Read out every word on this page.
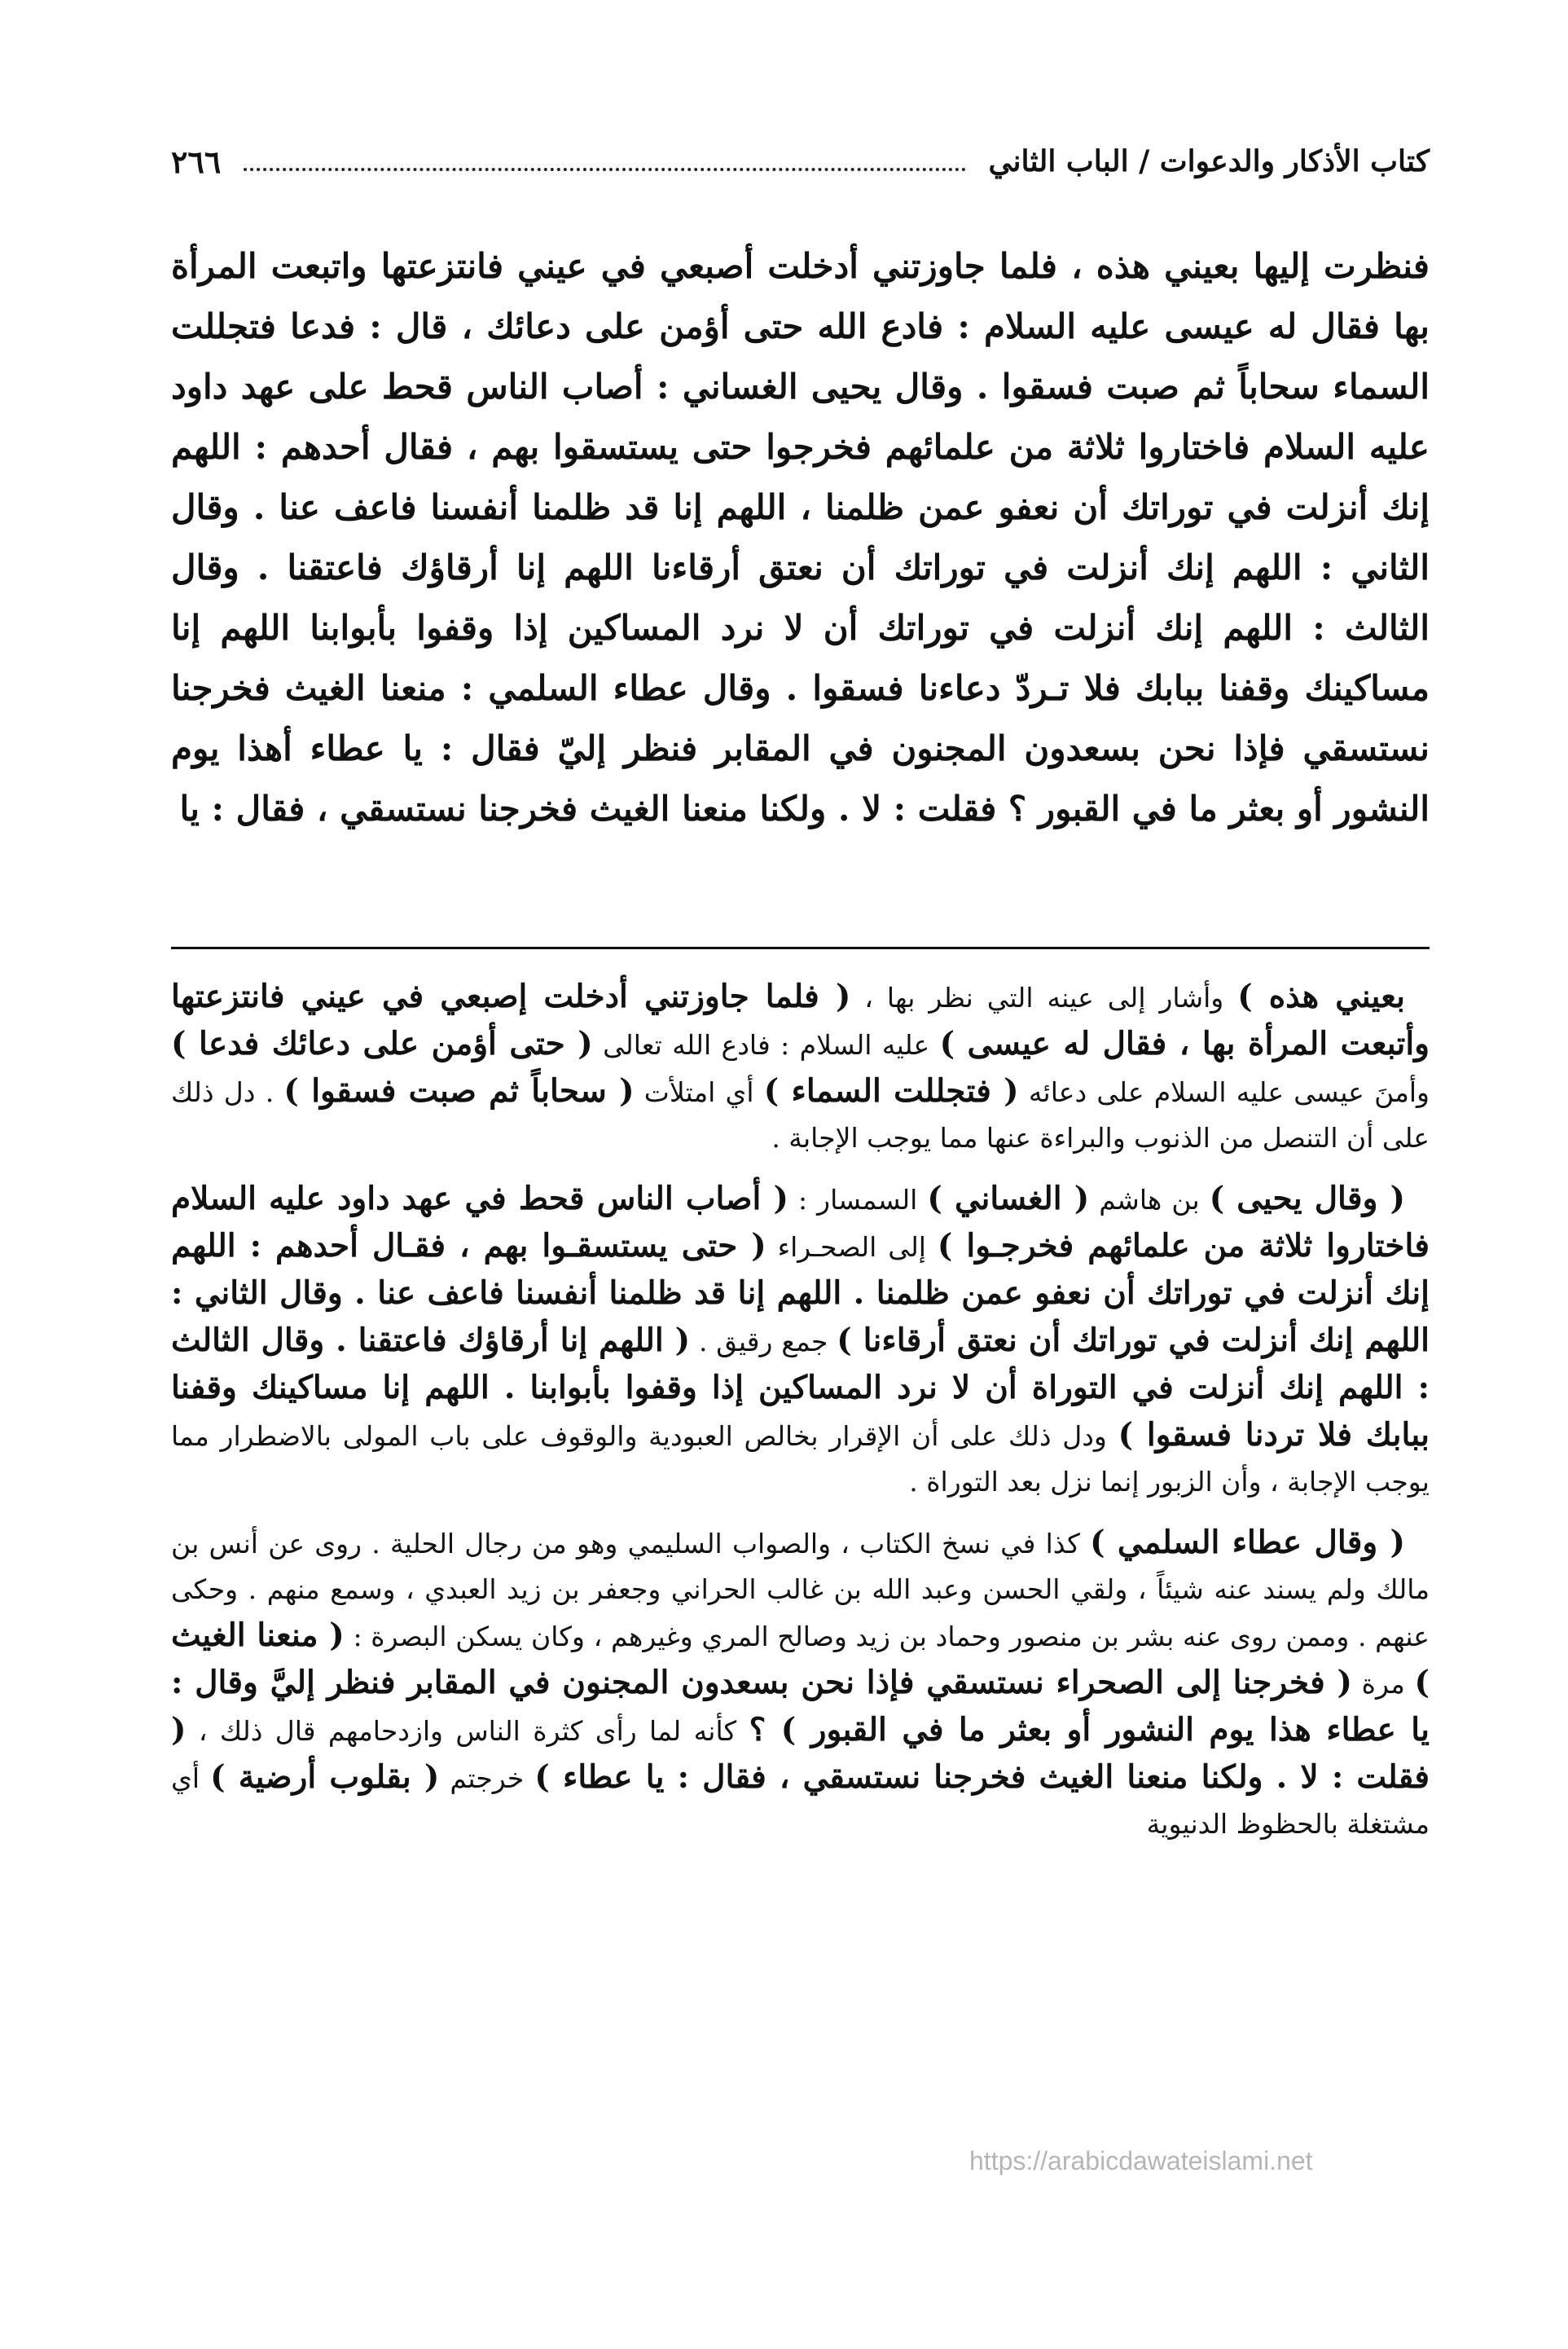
كتاب الأذكار والدعوات / الباب الثاني
٢٦٦

فنظرت إليها بعيني هذه ، فلما جاوزتني أدخلت أصبعي في عيني فانتزعتها واتبعت المرأة بها فقال له عيسى عليه السلام : فادع الله حتى أؤمن على دعائك ، قال : فدعا فتجللت السماء سحاباً ثم صبت فسقوا . وقال يحيى الغساني : أصاب الناس قحط على عهد داود عليه السلام فاختاروا ثلاثة من علمائهم فخرجوا حتى يستسقوا بهم ، فقال أحدهم : اللهم إنك أنزلت في توراتك أن نعفو عمن ظلمنا ، اللهم إنا قد ظلمنا أنفسنا فاعف عنا . وقال الثاني : اللهم إنك أنزلت في توراتك أن نعتق أرقاءنا اللهم إنا أرقاؤك فاعتقنا . وقال الثالث : اللهم إنك أنزلت في توراتك أن لا نرد المساكين إذا وقفوا بأبوابنا اللهم إنا مساكينك وقفنا ببابك فلا تـردّ دعاءنا فسقوا . وقال عطاء السلمي : منعنا الغيث فخرجنا نستسقي فإذا نحن بسعدون المجنون في المقابر فنظر إليّ فقال : يا عطاء أهذا يوم النشور أو بعثر ما في القبور ؟ فقلت : لا . ولكنا منعنا الغيث فخرجنا نستسقي ، فقال : يا

بعيني هذه ) وأشار إلى عينه التي نظر بها ، ( فلما جاوزتني أدخلت إصبعي في عيني فانتزعتها وأتبعت المرأة بها ، فقال له عيسى ) عليه السلام : فادع الله تعالى ( حتى أؤمن على دعائك فدعا ) وأمنَ عيسى عليه السلام على دعائه ( فتجللت السماء ) أي امتلأت ( سحاباً ثم صبت فسقوا ) . دل ذلك على أن التنصل من الذنوب والبراءة عنها مما يوجب الإجابة .

( وقال يحيى ) بن هاشم ( الغساني ) السمسار : ( أصاب الناس قحط في عهد داود عليه السلام فاختاروا ثلاثة من علمائهم فخرجـوا ) إلى الصحـراء ( حتى يستسقـوا بهم ، فقـال أحدهم : اللهم إنك أنزلت في توراتك أن نعفو عمن ظلمنا . اللهم إنا قد ظلمنا أنفسنا فاعف عنا . وقال الثاني : اللهم إنك أنزلت في توراتك أن نعتق أرقاءنا ) جمع رقيق . ( اللهم إنا أرقاؤك فاعتقنا . وقال الثالث : اللهم إنك أنزلت في التوراة أن لا نرد المساكين إذا وقفوا بأبوابنا . اللهم إنا مساكينك وقفنا ببابك فلا تردنا فسقوا ) ودل ذلك على أن الإقرار بخالص العبودية والوقوف على باب المولى بالاضطرار مما يوجب الإجابة ، وأن الزبور إنما نزل بعد التوراة .

( وقال عطاء السلمي ) كذا في نسخ الكتاب ، والصواب السليمي وهو من رجال الحلية . روى عن أنس بن مالك ولم يسند عنه شيئاً ، ولقي الحسن وعبد الله بن غالب الحراني وجعفر بن زيد العبدي ، وسمع منهم . وحكى عنهم . وممن روى عنه بشر بن منصور وحماد بن زيد وصالح المري وغيرهم ، وكان يسكن البصرة : ( منعنا الغيث ) مرة ( فخرجنا إلى الصحراء نستسقي فإذا نحن بسعدون المجنون في المقابر فنظر إليَّ وقال : يا عطاء هذا يوم النشور أو بعثر ما في القبور ) ؟ كأنه لما رأى كثرة الناس وازدحامهم قال ذلك ، ( فقلت : لا . ولكنا منعنا الغيث فخرجنا نستسقي ، فقال : يا عطاء ) خرجتم ( بقلوب أرضية ) أي مشتغلة بالحظوظ الدنيوية

https://arabicdawateislami.net
